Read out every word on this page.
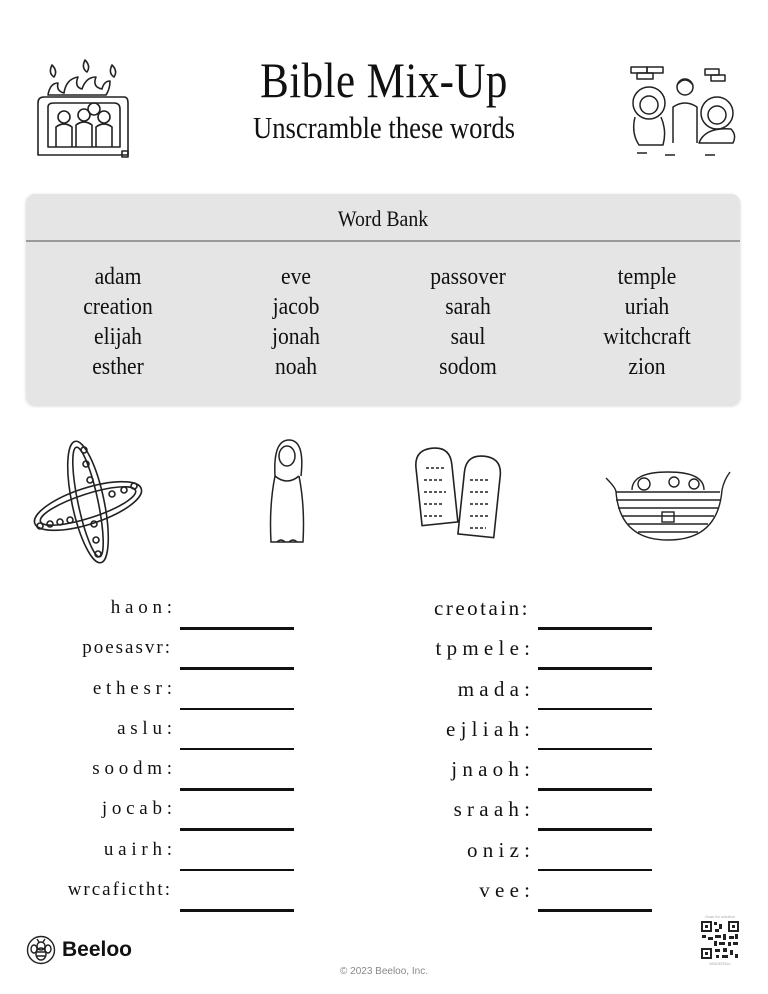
Bible Mix-Up
Unscramble these words
Word Bank
adam
creation
elijah
esther
eve
jacob
jonah
noah
passover
sarah
saul
sodom
temple
uriah
witchcraft
zion
h a o n :
poesasvr:
e t h e s r :
a s l u :
s o o d m :
j o c a b :
u a i r h :
wrcafictht:
creotain:
t p m e l e :
m a d a :
e j l i a h :
j n a o h :
s r a a h :
o n i z :
v e e :
Beeloo
© 2023 Beeloo, Inc.
Scan for solution
8A52ER3vo
